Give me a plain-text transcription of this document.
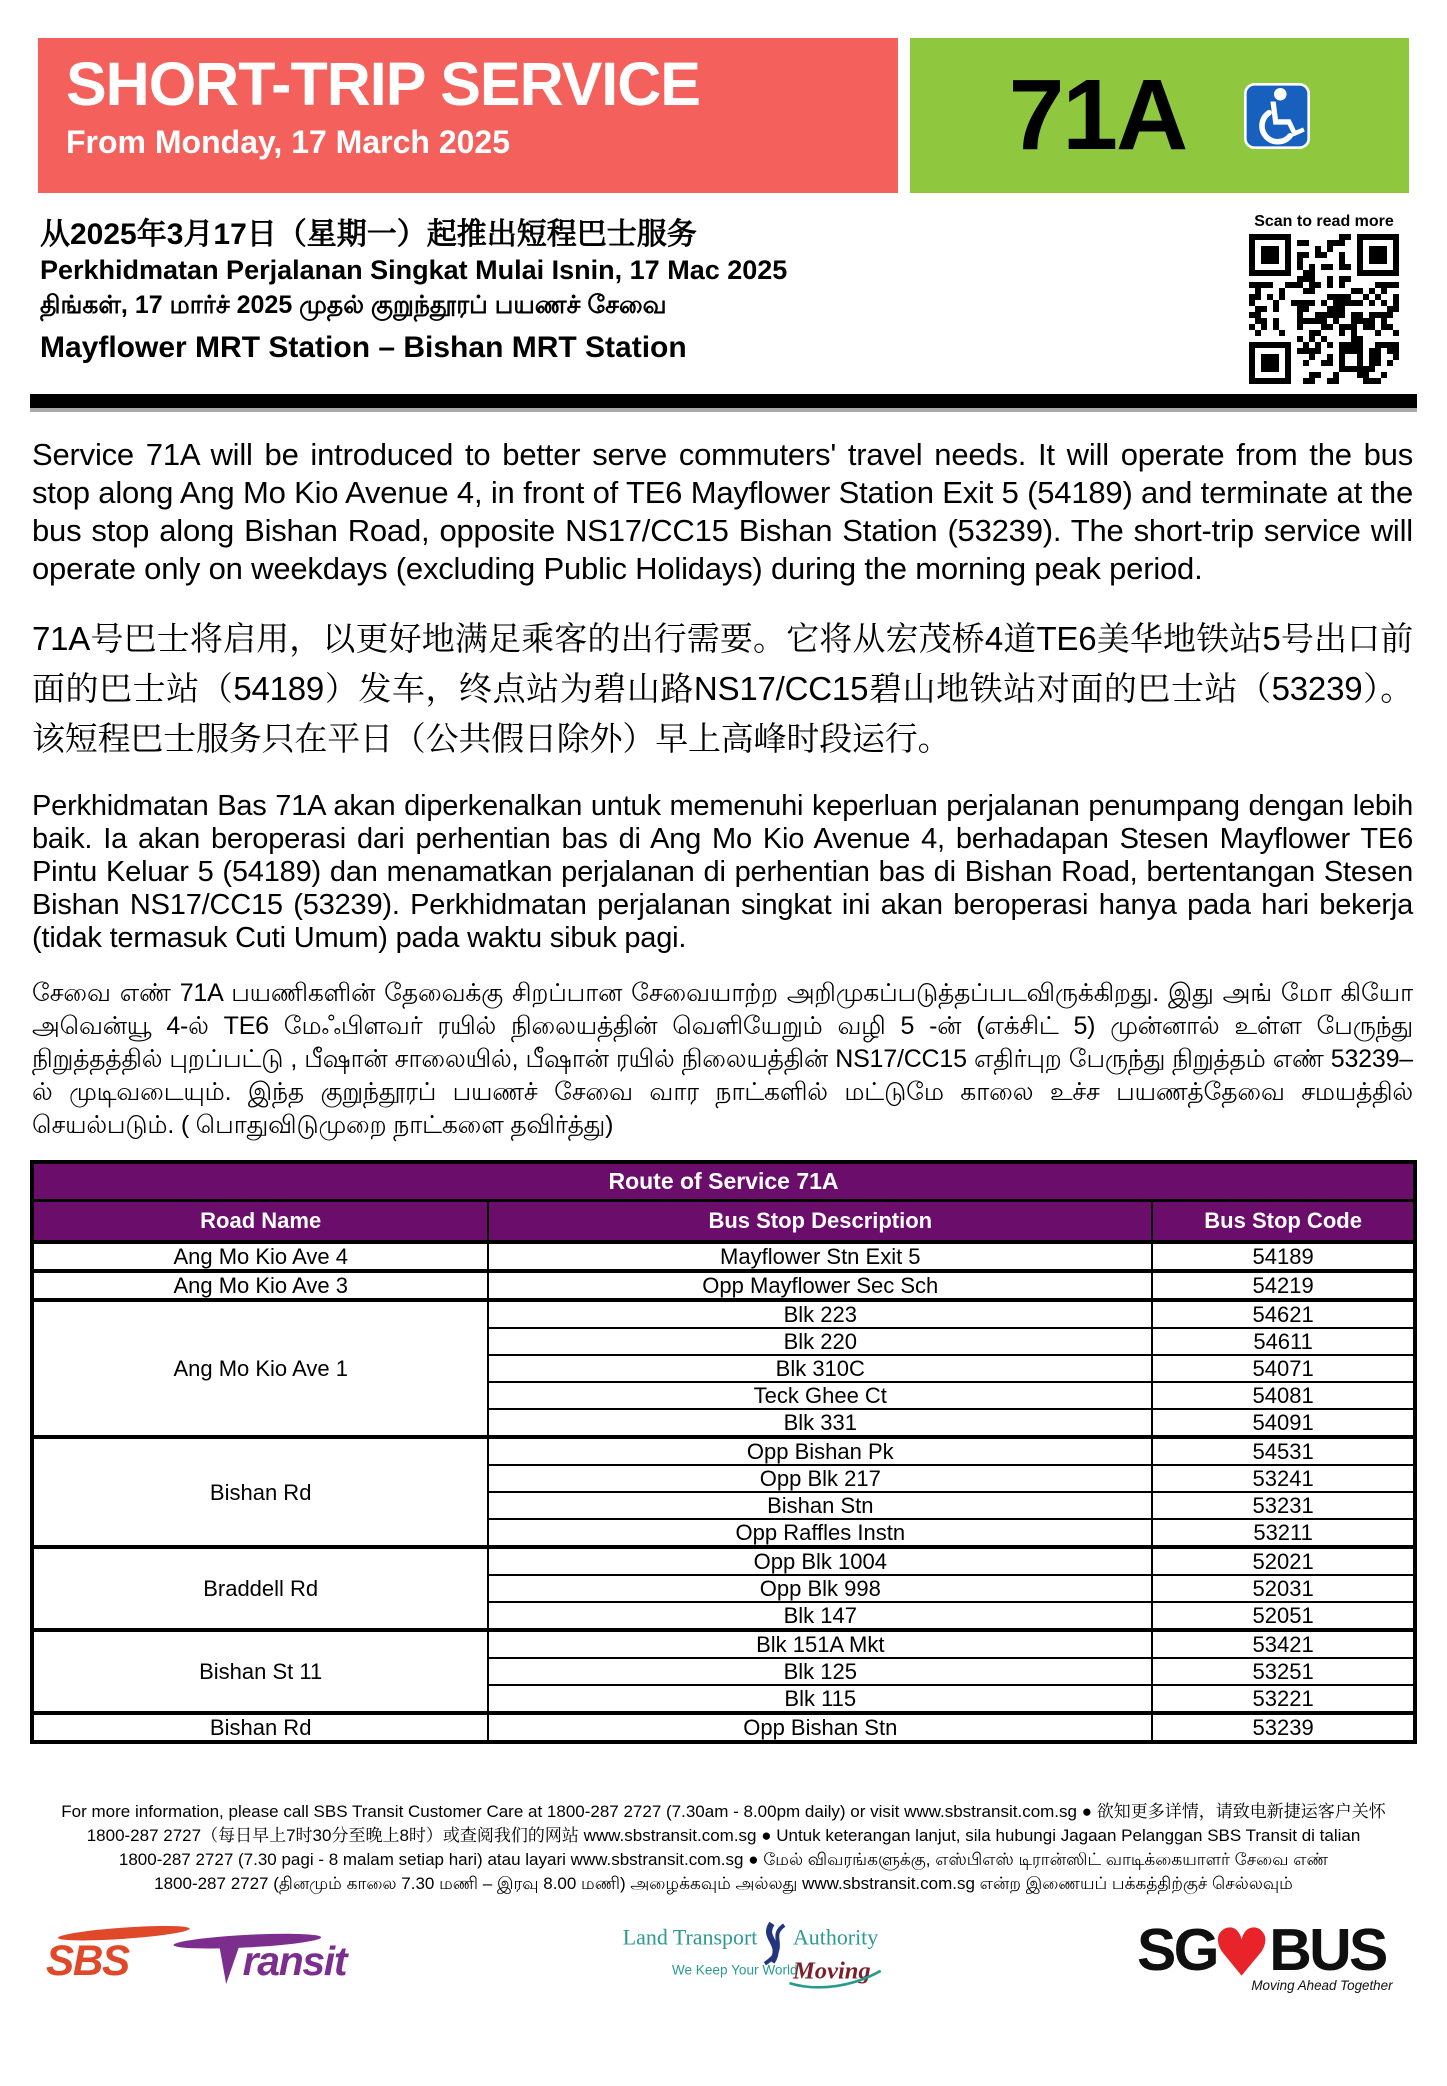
SHORT-TRIP SERVICE
From Monday, 17 March 2025	71A
从2025年3月17日（星期一）起推出短程巴士服务
Perkhidmatan Perjalanan Singkat Mulai Isnin, 17 Mac 2025
திங்கள், 17 மார்ச் 2025 முதல் குறுந்தூரப் பயணச் சேவை
Mayflower MRT Station – Bishan MRT Station
Scan to read more

Service 71A will be introduced to better serve commuters' travel needs. It will operate from the bus stop along Ang Mo Kio Avenue 4, in front of TE6 Mayflower Station Exit 5 (54189) and terminate at the bus stop along Bishan Road, opposite NS17/CC15 Bishan Station (53239). The short-trip service will operate only on weekdays (excluding Public Holidays) during the morning peak period.

71A号巴士将启用，以更好地满足乘客的出行需要。它将从宏茂桥4道TE6美华地铁站5号出口前面的巴士站（54189）发车，终点站为碧山路NS17/CC15碧山地铁站对面的巴士站（53239）。该短程巴士服务只在平日（公共假日除外）早上高峰时段运行。

Perkhidmatan Bas 71A akan diperkenalkan untuk memenuhi keperluan perjalanan penumpang dengan lebih baik. Ia akan beroperasi dari perhentian bas di Ang Mo Kio Avenue 4, berhadapan Stesen Mayflower TE6 Pintu Keluar 5 (54189) dan menamatkan perjalanan di perhentian bas di Bishan Road, bertentangan Stesen Bishan NS17/CC15 (53239). Perkhidmatan perjalanan singkat ini akan beroperasi hanya pada hari bekerja (tidak termasuk Cuti Umum) pada waktu sibuk pagi.

சேவை எண் 71A பயணிகளின் தேவைக்கு சிறப்பான சேவையாற்ற அறிமுகப்படுத்தப்படவிருக்கிறது. இது அங் மோ கியோ அவென்யூ 4-ல் TE6 மேஃபிளவர் ரயில் நிலையத்தின் வெளியேறும் வழி 5 -ன் (எக்சிட் 5) முன்னால் உள்ள பேருந்து நிறுத்தத்தில் புறப்பட்டு , பீஷான் சாலையில், பீஷான் ரயில் நிலையத்தின் NS17/CC15 எதிர்புற பேருந்து நிறுத்தம் எண் 53239– ல் முடிவடையும். இந்த குறுந்தூரப் பயணச் சேவை வார நாட்களில் மட்டுமே காலை உச்ச பயணத்தேவை சமயத்தில் செயல்படும். ( பொதுவிடுமுறை நாட்களை தவிர்த்து)

Route of Service 71A		
Road Name	Bus Stop Description	Bus Stop Code
Ang Mo Kio Ave 4	Mayflower Stn Exit 5	54189
Ang Mo Kio Ave 3	Opp Mayflower Sec Sch	54219
Ang Mo Kio Ave 1	Blk 223	54621
	Blk 220	54611
	Blk 310C	54071
	Teck Ghee Ct	54081
	Blk 331	54091
Bishan Rd	Opp Bishan Pk	54531
	Opp Blk 217	53241
	Bishan Stn	53231
	Opp Raffles Instn	53211
Braddell Rd	Opp Blk 1004	52021
	Opp Blk 998	52031
	Blk 147	52051
Bishan St 11	Blk 151A Mkt	53421
	Blk 125	53251
	Blk 115	53221
Bishan Rd	Opp Bishan Stn	53239
For more information, please call SBS Transit Customer Care at 1800-287 2727 (7.30am - 8.00pm daily) or visit www.sbstransit.com.sg ● 欲知更多详情，请致电新捷运客户关怀
1800-287 2727（每日早上7时30分至晚上8时）或查阅我们的网站 www.sbstransit.com.sg ● Untuk keterangan lanjut, sila hubungi Jagaan Pelanggan SBS Transit di talian
1800-287 2727 (7.30 pagi - 8 malam setiap hari) atau layari www.sbstransit.com.sg ● மேல் விவரங்களுக்கு, எஸ்பிஎஸ் டிரான்ஸிட் வாடிக்கையாளர் சேவை எண்
1800-287 2727 (தினமும் காலை 7.30 மணி – இரவு 8.00 மணி) அழைக்கவும் அல்லது www.sbstransit.com.sg என்ற இணையப் பக்கத்திற்குச் செல்லவும்
SBS ransit
Land Transport Authority
We Keep Your World
Moving	SG
♥
BUS
Moving Ahead Together
